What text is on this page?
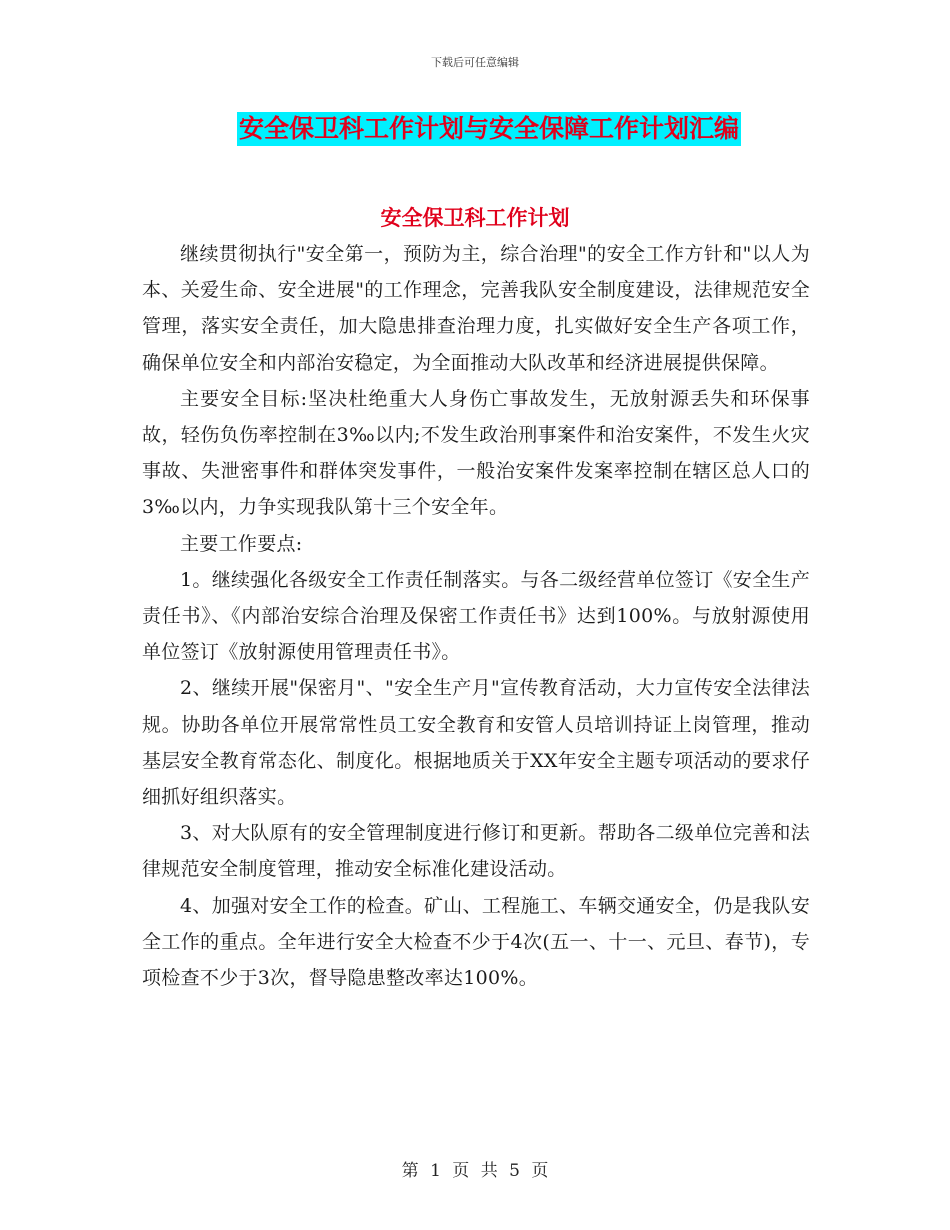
下载后可任意编辑
安全保卫科工作计划与安全保障工作计划汇编
安全保卫科工作计划

继续贯彻执行"安全第一，预防为主，综合治理"的安全工作方针和"以人为本、关爱生命、安全进展"的工作理念，完善我队安全制度建设，法律规范安全管理，落实安全责任，加大隐患排查治理力度，扎实做好安全生产各项工作，确保单位安全和内部治安稳定，为全面推动大队改革和经济进展提供保障。

主要安全目标:坚决杜绝重大人身伤亡事故发生，无放射源丢失和环保事故，轻伤负伤率控制在3‰以内;不发生政治刑事案件和治安案件，不发生火灾事故、失泄密事件和群体突发事件，一般治安案件发案率控制在辖区总人口的3‰以内，力争实现我队第十三个安全年。

主要工作要点:

1。继续强化各级安全工作责任制落实。与各二级经营单位签订《安全生产责任书》、《内部治安综合治理及保密工作责任书》达到100%。与放射源使用单位签订《放射源使用管理责任书》。

2、继续开展"保密月"、"安全生产月"宣传教育活动，大力宣传安全法律法规。协助各单位开展常常性员工安全教育和安管人员培训持证上岗管理，推动基层安全教育常态化、制度化。根据地质关于XX年安全主题专项活动的要求仔细抓好组织落实。

3、对大队原有的安全管理制度进行修订和更新。帮助各二级单位完善和法律规范安全制度管理，推动安全标准化建设活动。

4、加强对安全工作的检查。矿山、工程施工、车辆交通安全，仍是我队安全工作的重点。全年进行安全大检查不少于4次(五一、十一、元旦、春节)，专项检查不少于3次，督导隐患整改率达100%。

第 1 页 共 5 页
